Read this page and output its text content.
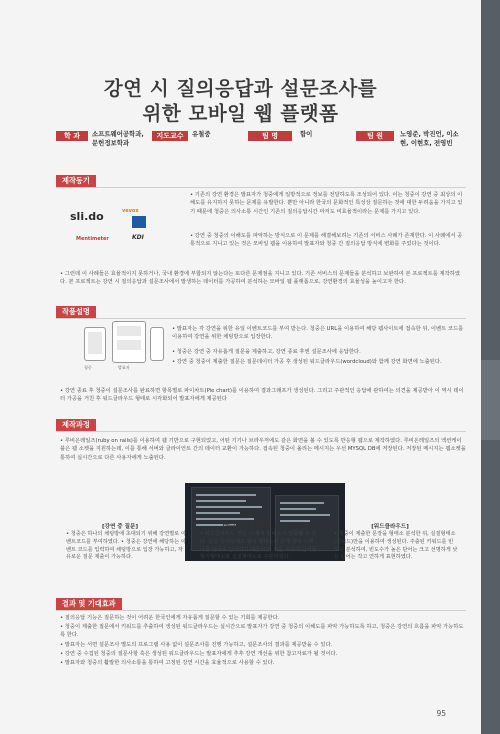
강연 시 질의응답과 설문조사를
위한 모바일 웹 플랫폼
학 과	소프트웨어공학과, 문헌정보학과
지도교수	유철중	팀 명	함이	팀 원	노영준, 박진언, 이소현, 이현호, 전영빈
제작동기
sli.do	vevox
Mentimeter	KDI
• 기존의 강연 환경은 발표자가 청중에게 일방적으로 정보를 전달하도록 조성되어 있다. 이는 청중이 강연 중 최상의 이해도를 유지하지 못하는 문제를 유발한다. 뿐만 아니라 한국의 문화적인 특성상 질문하는 것에 대한 두려움을 가지고 있기 때문에 청중은 의사소통 시간인 기존의 질의응답시간 마저도 비효율적이라는 문제를 가지고 있다.
• 강연 중 청중의 이해도를 파악하는 방식으로 이 문제를 해결해보려는 기존의 서비스 사례가 존재한다. 이 사례에서 공통적으로 지니고 있는 것은 모바일 웹을 이용하여 발표자와 청중 간 질의응답 방식에 변화를 주었다는 것이다.
• 그런데 이 사례들은 효율적이지 못하거나, 국내 환경에 부합되지 않는다는 또다른 문제점을 지니고 있다. 기존 서비스의 문제들을 분석하고 보완하여 본 프로젝트를 제작하였다. 본 프로젝트는 강연 시 질의응답과 설문조사에서 발생하는 데이터를 가공하여 분석하는 모바일 웹 플랫폼으로, 강연환경의 효율성을 높이고자 한다.
작품설명
청중	발표자
• 발표자는 각 강연을 위한 유일 이벤트코드를 부여 받는다. 청중은 URL을 이용하여 해당 웹사이트에 접속한 뒤, 이벤트 코드를 이용하여 강연을 위한 채팅방으로 입장한다.
• 청중은 강연 중 자유롭게 질문을 제출하고, 강연 종료 후엔 설문조사에 응답한다.
• 강연 중 청중이 제출한 질문은 질문데이터 가공 후 생성된 워드클라우드(wordcloud)와 함께 강연 화면에 노출된다.
• 강연 종료 후 청중이 설문조사를 완료하면 항목별로 파이차트(Pie chart)를 이용하여 결과그래프가 생성된다. 그리고 주관적인 응답에 관하여는 의견을 제공받아 이 역시 데이터 가공을 거친 후 워드클라우드 형태로 시각화되어 발표자에게 제공된다
제작과정
• 루비온레일즈(ruby on rails)를 이용하여 웹 기반으로 구현되었고, 어떤 기기나 브라우저에도 같은 화면을 볼 수 있도록 반응형 웹으로 제작하였다. 루비온레일즈의 액션케이블은 웹 소켓을 지원하는데, 이를 통해 서버와 클라이언트 간의 데이터 교환이 가능하다. 접속된 청중이 올리는 메시지는 우선 MYSQL DB에 저장된다. 저장된 메시지는 웹소켓을 통하여 실시간으로 다른 사용자에게 노출된다.
[강연 중 질문]	[한국어 문장 형태소 분석]	[워드클라우드]
• 청중은 하나의 채팅방에 초대되기 위해 강연별로 이벤트코드를 부여하였다. • 청중은 강연에 해당하는 이벤트 코드를 입력하여 채팅방으로 입장 가능하고, 자유로운 질문 제출이 가능하다.
• 워드클라우드 생성 시 형식 형태소가 검출될 수 있다. 같은 단어임에도 형식 형태소의 존재 양식 아래 다른 단어로 인식되기 때문이다. 이를 위하여 단어를 형식형태소와 실질형태소로 구분하였다.
• 청중이 제출한 문장을 형태소 분석한 뒤, 실질형태소(키워드)만을 이용하여 생성된다. 주출된 키워드를 빈도수 분석하여, 빈도수가 높은 단어는 크고 선명하게 낮은 단어는 작고 연하게 표현하였다.
결과 및 기대효과
• 질의응답 기능은 질문하는 것이 어려운 한국인에게 자유롭게 질문할 수 있는 기회를 제공한다.
• 청중이 제출한 질문에서 키워드를 추출하여 생성된 워드클라우드는 실시간으로 발표자가 강연 중 청중의 이해도를 파악 가능하도록 하고, 청중은 강연의 흐름을 파악 가능하도록 한다.
• 발표자는 서면 설문조사 별도의 프로그램 사용 없이 설문조사를 진행 가능하고, 설문조사의 결과를 제공받을 수 있다.
• 강연 중 수집된 청중의 질문사항 혹은 생성된 워드클라우드는 발표자에게 추후 강연 개선을 위한 참고자료가 될 것이다.
• 발표자와 청중의 활발한 의사소통을 통하여 고정된 강연 시간을 효율적으로 사용할 수 있다.
95
